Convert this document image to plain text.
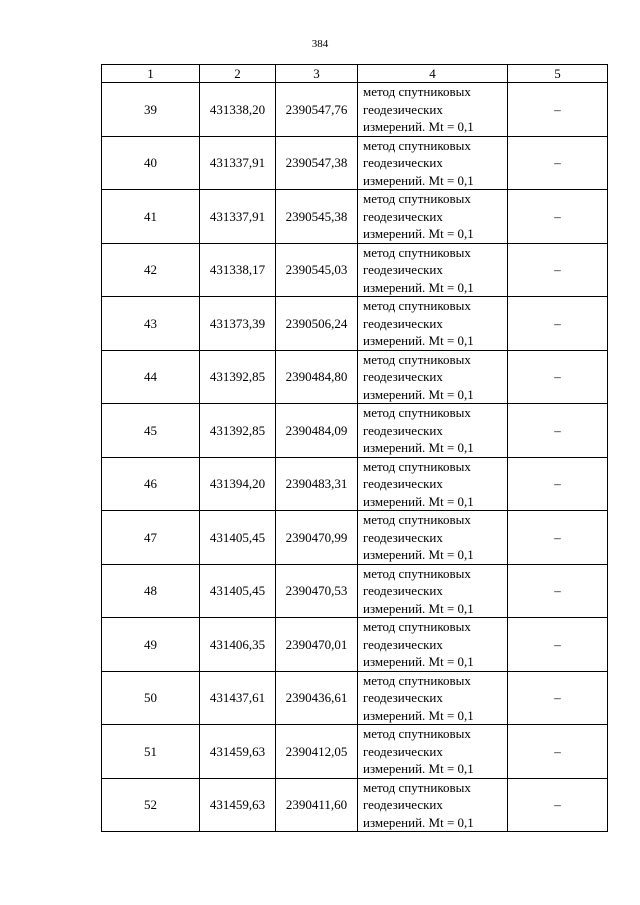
384
1	2	3	4	5
39	431338,20	2390547,76	метод спутниковых
геодезических
измерений. Mt = 0,1	–
40	431337,91	2390547,38	метод спутниковых
геодезических
измерений. Mt = 0,1	–
41	431337,91	2390545,38	метод спутниковых
геодезических
измерений. Mt = 0,1	–
42	431338,17	2390545,03	метод спутниковых
геодезических
измерений. Mt = 0,1	–
43	431373,39	2390506,24	метод спутниковых
геодезических
измерений. Mt = 0,1	–
44	431392,85	2390484,80	метод спутниковых
геодезических
измерений. Mt = 0,1	–
45	431392,85	2390484,09	метод спутниковых
геодезических
измерений. Mt = 0,1	–
46	431394,20	2390483,31	метод спутниковых
геодезических
измерений. Mt = 0,1	–
47	431405,45	2390470,99	метод спутниковых
геодезических
измерений. Mt = 0,1	–
48	431405,45	2390470,53	метод спутниковых
геодезических
измерений. Mt = 0,1	–
49	431406,35	2390470,01	метод спутниковых
геодезических
измерений. Mt = 0,1	–
50	431437,61	2390436,61	метод спутниковых
геодезических
измерений. Mt = 0,1	–
51	431459,63	2390412,05	метод спутниковых
геодезических
измерений. Mt = 0,1	–
52	431459,63	2390411,60	метод спутниковых
геодезических
измерений. Mt = 0,1	–
